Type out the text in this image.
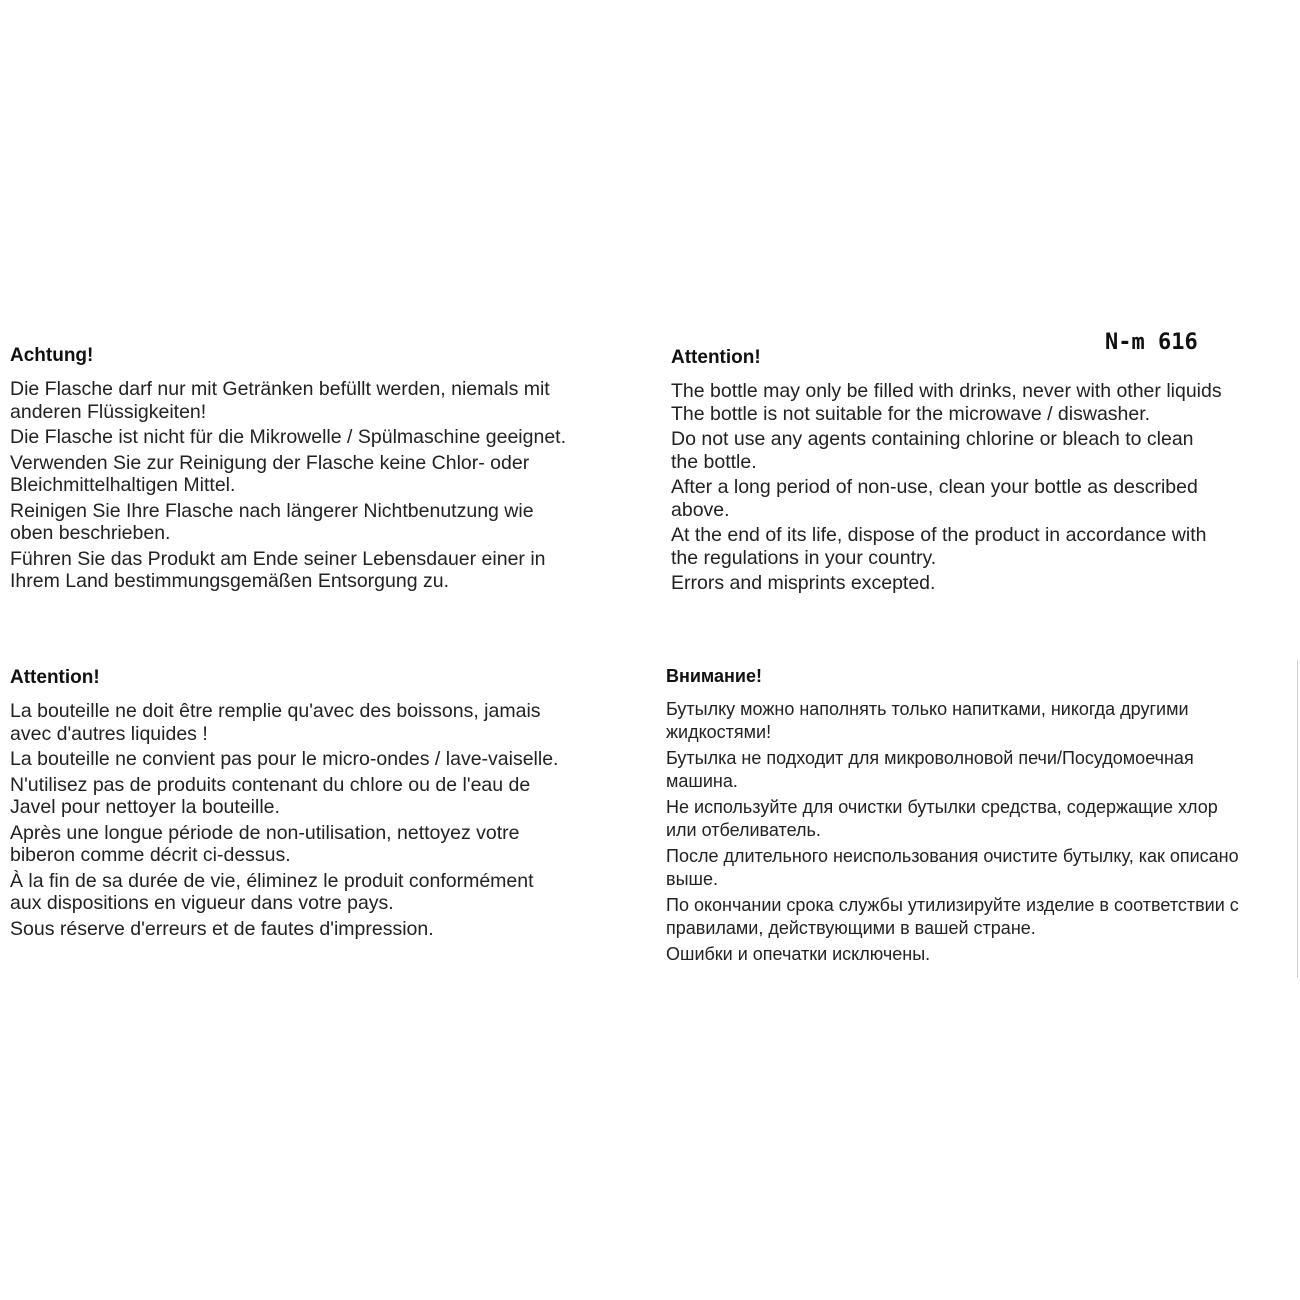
N-m 616
Achtung!
Die Flasche darf nur mit Getränken befüllt werden, niemals mit
anderen Flüssigkeiten!
Die Flasche ist nicht für die Mikrowelle / Spülmaschine geeignet.
Verwenden Sie zur Reinigung der Flasche keine Chlor- oder
Bleichmittelhaltigen Mittel.
Reinigen Sie Ihre Flasche nach längerer Nichtbenutzung wie
oben beschrieben.
Führen Sie das Produkt am Ende seiner Lebensdauer einer in
Ihrem Land bestimmungsgemäßen Entsorgung zu.
Attention!
The bottle may only be filled with drinks, never with other liquids
The bottle is not suitable for the microwave / diswasher.
Do not use any agents containing chlorine or bleach to clean
the bottle.
After a long period of non-use, clean your bottle as described
above.
At the end of its life, dispose of the product in accordance with
the regulations in your country.
Errors and misprints excepted.
Attention!
La bouteille ne doit être remplie qu'avec des boissons, jamais
avec d'autres liquides !
La bouteille ne convient pas pour le micro-ondes / lave-vaiselle.
N'utilisez pas de produits contenant du chlore ou de l'eau de
Javel pour nettoyer la bouteille.
Après une longue période de non-utilisation, nettoyez votre
biberon comme décrit ci-dessus.
À la fin de sa durée de vie, éliminez le produit conformément
aux dispositions en vigueur dans votre pays.
Sous réserve d'erreurs et de fautes d'impression.
Внимание!
Бутылку можно наполнять только напитками, никогда другими
жидкостями!
Бутылка не подходит для микроволновой печи/Посудомоечная
машина.
Не используйте для очистки бутылки средства, содержащие хлор
или отбеливатель.
После длительного неиспользования очистите бутылку, как описано
выше.
По окончании срока службы утилизируйте изделие в соответствии с
правилами, действующими в вашей стране.
Ошибки и опечатки исключены.
